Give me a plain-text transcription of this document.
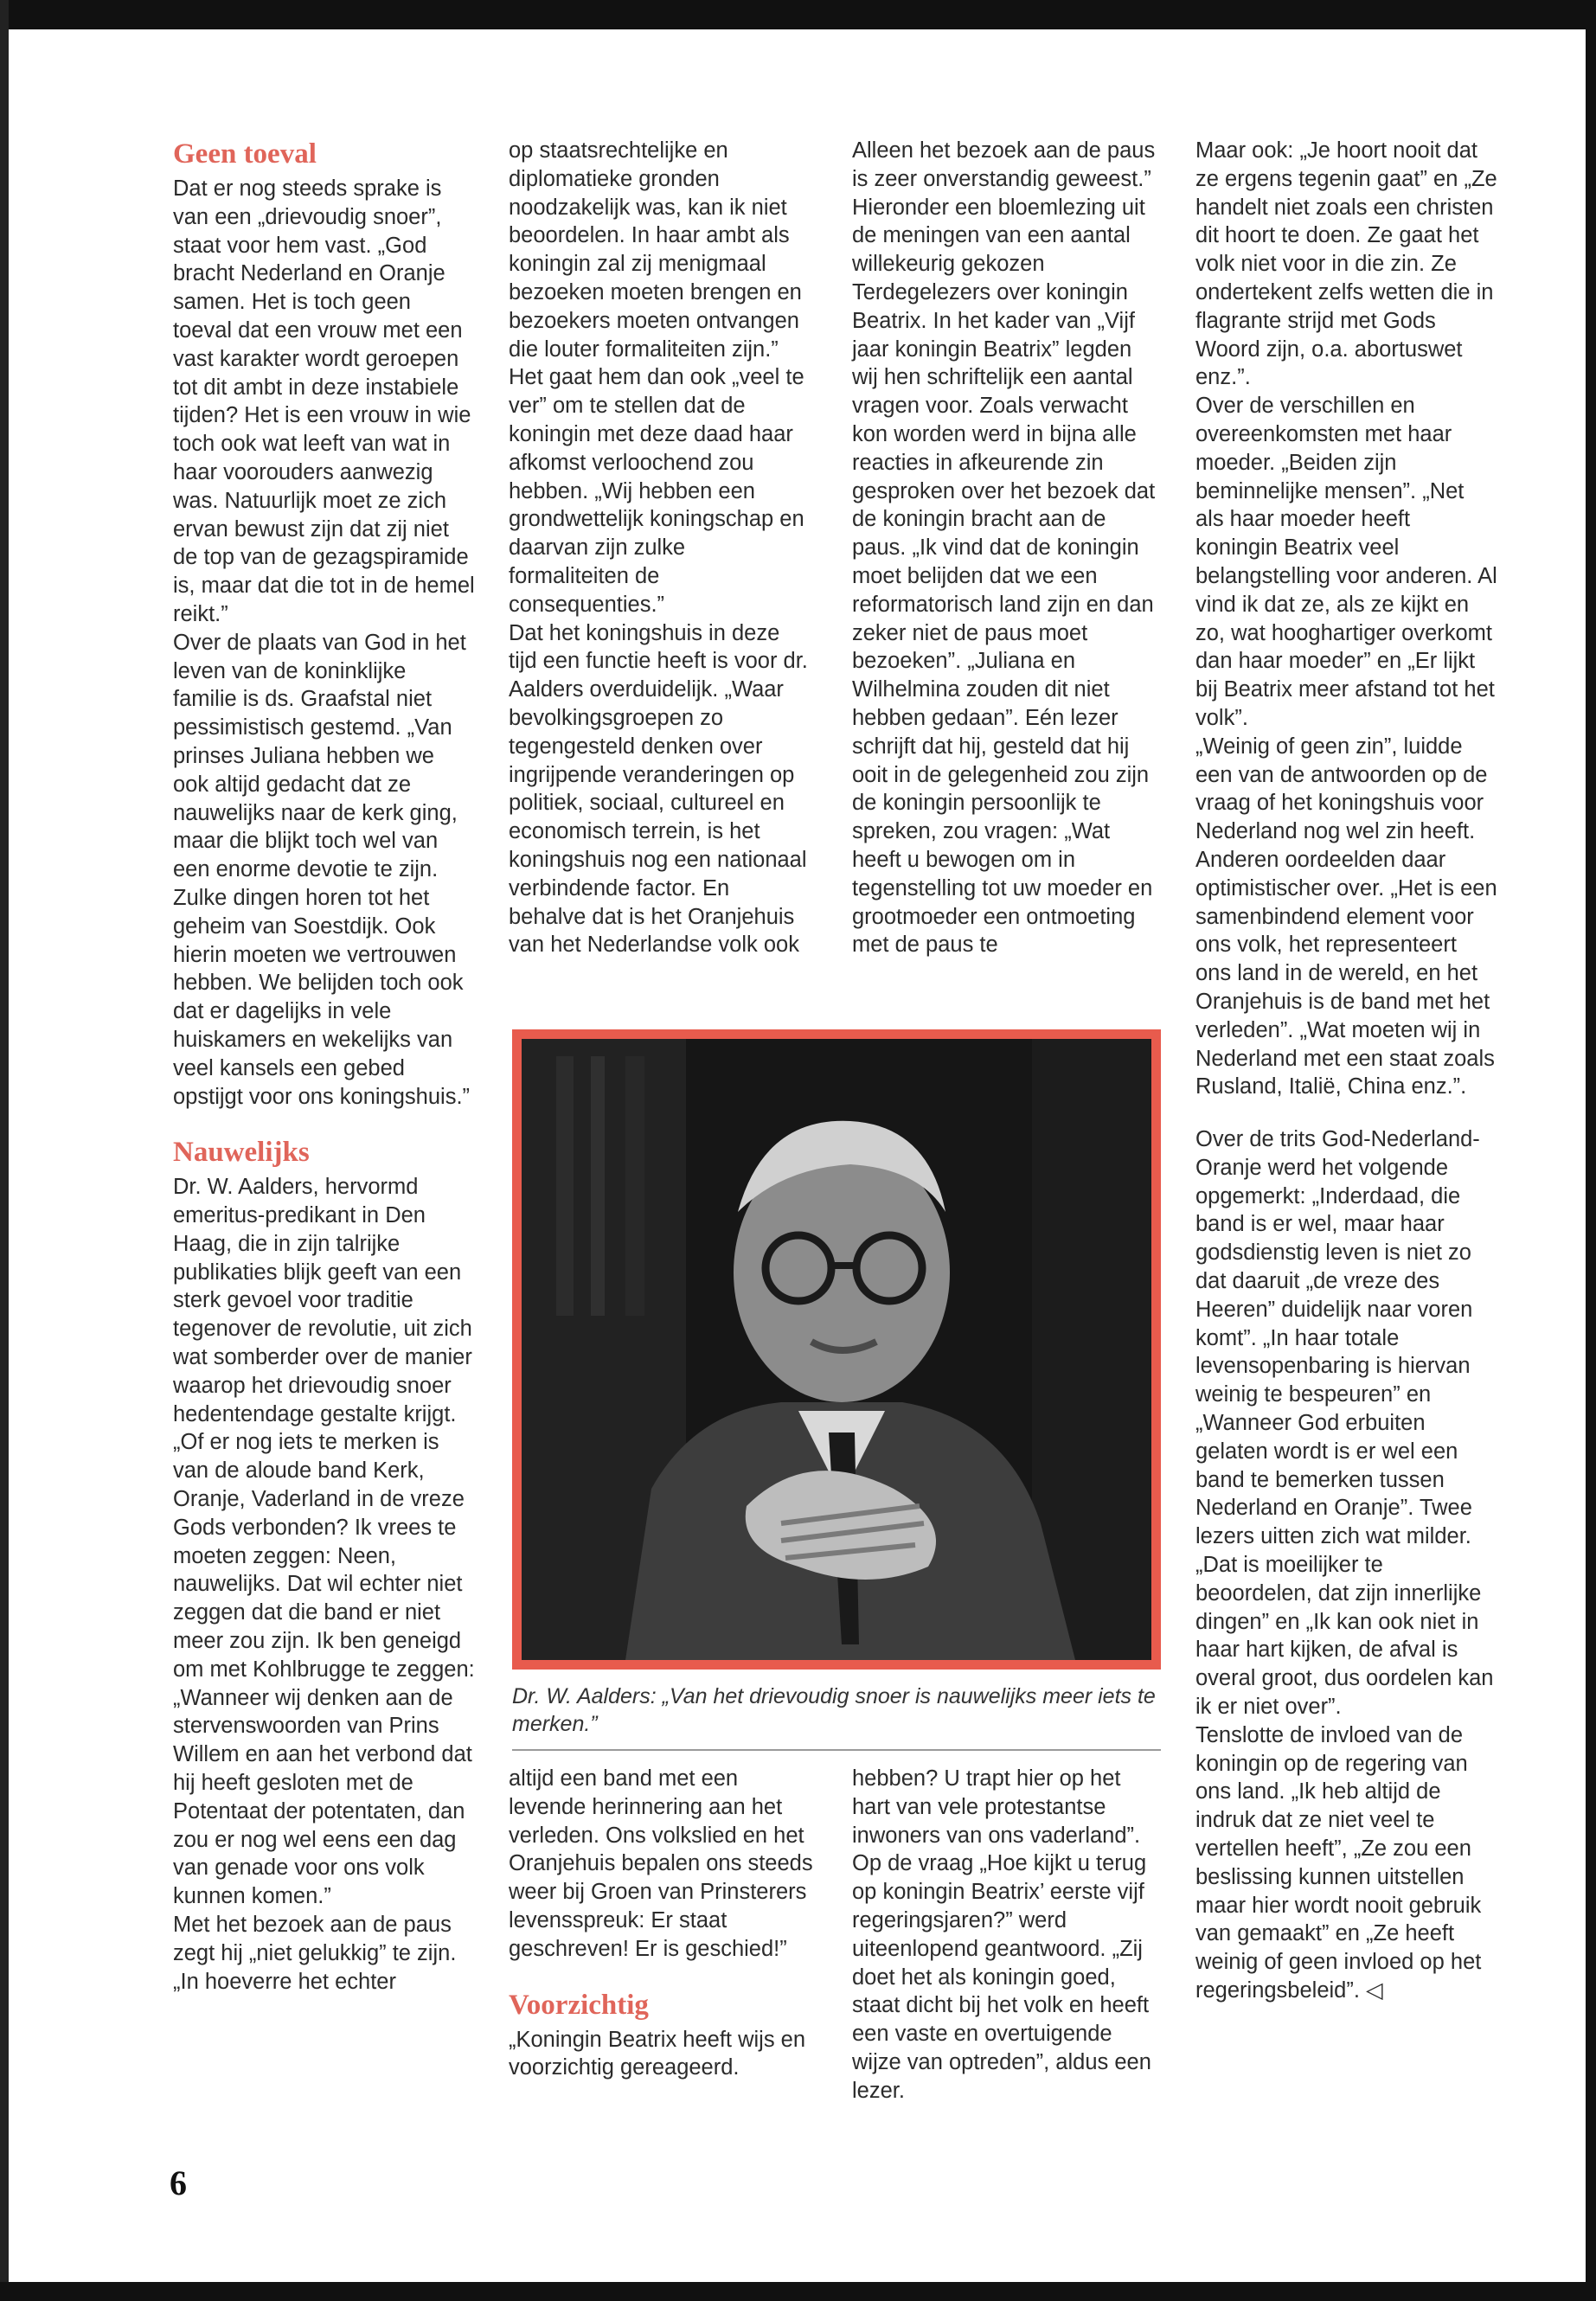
Geen toeval

Dat er nog steeds sprake is van een „drievoudig snoer”, staat voor hem vast. „God bracht Nederland en Oranje samen. Het is toch geen toeval dat een vrouw met een vast karakter wordt geroepen tot dit ambt in deze instabiele tijden? Het is een vrouw in wie toch ook wat leeft van wat in haar voorouders aanwezig was. Natuurlijk moet ze zich ervan bewust zijn dat zij niet de top van de gezagspiramide is, maar dat die tot in de hemel reikt.”

Over de plaats van God in het leven van de koninklijke familie is ds. Graafstal niet pessimistisch gestemd. „Van prinses Juliana hebben we ook altijd gedacht dat ze nauwelijks naar de kerk ging, maar die blijkt toch wel van een enorme devotie te zijn. Zulke dingen horen tot het geheim van Soestdijk. Ook hierin moeten we vertrouwen hebben. We belijden toch ook dat er dagelijks in vele huiskamers en wekelijks van veel kansels een gebed opstijgt voor ons koningshuis.”

Nauwelijks

Dr. W. Aalders, hervormd emeritus-predikant in Den Haag, die in zijn talrijke publikaties blijk geeft van een sterk gevoel voor traditie tegenover de revolutie, uit zich wat somberder over de manier waarop het drievoudig snoer hedentendage gestalte krijgt. „Of er nog iets te merken is van de aloude band Kerk, Oranje, Vaderland in de vreze Gods verbonden? Ik vrees te moeten zeggen: Neen, nauwelijks. Dat wil echter niet zeggen dat die band er niet meer zou zijn. Ik ben geneigd om met Kohlbrugge te zeggen: „Wanneer wij denken aan de stervenswoorden van Prins Willem en aan het verbond dat hij heeft gesloten met de Potentaat der potentaten, dan zou er nog wel eens een dag van genade voor ons volk kunnen komen.”

Met het bezoek aan de paus zegt hij „niet gelukkig” te zijn. „In hoeverre het echter

op staatsrechtelijke en diplomatieke gronden noodzakelijk was, kan ik niet beoordelen. In haar ambt als koningin zal zij menigmaal bezoeken moeten brengen en bezoekers moeten ontvangen die louter formaliteiten zijn.”

Het gaat hem dan ook „veel te ver” om te stellen dat de koningin met deze daad haar afkomst verloochend zou hebben. „Wij hebben een grondwettelijk koningschap en daarvan zijn zulke formaliteiten de consequenties.”

Dat het koningshuis in deze tijd een functie heeft is voor dr. Aalders overduidelijk. „Waar bevolkingsgroepen zo tegengesteld denken over ingrijpende veranderingen op politiek, sociaal, cultureel en economisch terrein, is het koningshuis nog een nationaal verbindende factor. En behalve dat is het Oranjehuis van het Nederlandse volk ook

Alleen het bezoek aan de paus is zeer onverstandig geweest.”

Hieronder een bloemlezing uit de meningen van een aantal willekeurig gekozen Terdegelezers over koningin Beatrix. In het kader van „Vijf jaar koningin Beatrix” legden wij hen schriftelijk een aantal vragen voor. Zoals verwacht kon worden werd in bijna alle reacties in afkeurende zin gesproken over het bezoek dat de koningin bracht aan de paus. „Ik vind dat de koningin moet belijden dat we een reformatorisch land zijn en dan zeker niet de paus moet bezoeken”. „Juliana en Wilhelmina zouden dit niet hebben gedaan”. Eén lezer schrijft dat hij, gesteld dat hij ooit in de gelegenheid zou zijn de koningin persoonlijk te spreken, zou vragen: „Wat heeft u bewogen om in tegenstelling tot uw moeder en grootmoeder een ontmoeting met de paus te

Maar ook: „Je hoort nooit dat ze ergens tegenin gaat” en „Ze handelt niet zoals een christen dit hoort te doen. Ze gaat het volk niet voor in die zin. Ze ondertekent zelfs wetten die in flagrante strijd met Gods Woord zijn, o.a. abortuswet enz.”.

Over de verschillen en overeenkomsten met haar moeder. „Beiden zijn beminnelijke mensen”. „Net als haar moeder heeft koningin Beatrix veel belangstelling voor anderen. Al vind ik dat ze, als ze kijkt en zo, wat hooghartiger overkomt dan haar moeder” en „Er lijkt bij Beatrix meer afstand tot het volk”.

„Weinig of geen zin”, luidde een van de antwoorden op de vraag of het koningshuis voor Nederland nog wel zin heeft. Anderen oordeelden daar optimistischer over. „Het is een samenbindend element voor ons volk, het representeert ons land in de wereld, en het Oranjehuis is de band met het verleden”. „Wat moeten wij in Nederland met een staat zoals Rusland, Italië, China enz.”.

Over de trits God-Nederland-Oranje werd het volgende opgemerkt: „Inderdaad, die band is er wel, maar haar godsdienstig leven is niet zo dat daaruit „de vreze des Heeren” duidelijk naar voren komt”. „In haar totale levensopenbaring is hiervan weinig te bespeuren” en „Wanneer God erbuiten gelaten wordt is er wel een band te bemerken tussen Nederland en Oranje”. Twee lezers uitten zich wat milder. „Dat is moeilijker te beoordelen, dat zijn innerlijke dingen” en „Ik kan ook niet in haar hart kijken, de afval is overal groot, dus oordelen kan ik er niet over”.

Tenslotte de invloed van de koningin op de regering van ons land. „Ik heb altijd de indruk dat ze niet veel te vertellen heeft”, „Ze zou een beslissing kunnen uitstellen maar hier wordt nooit gebruik van gemaakt” en „Ze heeft weinig of geen invloed op het regeringsbeleid”. ◁

Dr. W. Aalders: „Van het drievoudig snoer is nauwelijks meer iets te merken.”

altijd een band met een levende herinnering aan het verleden. Ons volkslied en het Oranjehuis bepalen ons steeds weer bij Groen van Prinsterers levensspreuk: Er staat geschreven! Er is geschied!”

Voorzichtig

„Koningin Beatrix heeft wijs en voorzichtig gereageerd.

hebben? U trapt hier op het hart van vele protestantse inwoners van ons vaderland”.

Op de vraag „Hoe kijkt u terug op koningin Beatrix’ eerste vijf regeringsjaren?” werd uiteenlopend geantwoord. „Zij doet het als koningin goed, staat dicht bij het volk en heeft een vaste en overtuigende wijze van optreden”, aldus een lezer.

6
